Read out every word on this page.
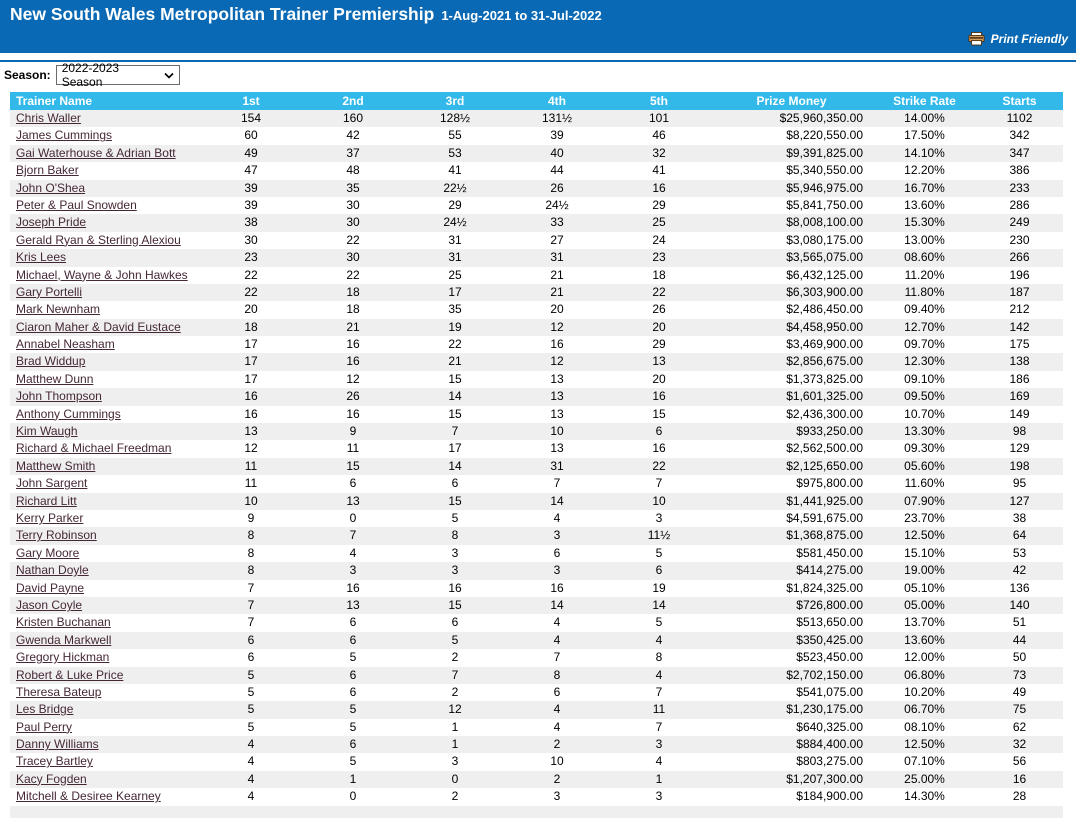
New South Wales Metropolitan Trainer Premiership 1-Aug-2021 to 31-Jul-2022
Print Friendly
Season: 2022-2023 Season
Trainer Name	1st	2nd	3rd	4th	5th	Prize Money	Strike Rate	Starts
Chris Waller	154	160	128½	131½	101	$25,960,350.00	14.00%	1102
James Cummings	60	42	55	39	46	$8,220,550.00	17.50%	342
Gai Waterhouse & Adrian Bott	49	37	53	40	32	$9,391,825.00	14.10%	347
Bjorn Baker	47	48	41	44	41	$5,340,550.00	12.20%	386
John O'Shea	39	35	22½	26	16	$5,946,975.00	16.70%	233
Peter & Paul Snowden	39	30	29	24½	29	$5,841,750.00	13.60%	286
Joseph Pride	38	30	24½	33	25	$8,008,100.00	15.30%	249
Gerald Ryan & Sterling Alexiou	30	22	31	27	24	$3,080,175.00	13.00%	230
Kris Lees	23	30	31	31	23	$3,565,075.00	08.60%	266
Michael, Wayne & John Hawkes	22	22	25	21	18	$6,432,125.00	11.20%	196
Gary Portelli	22	18	17	21	22	$6,303,900.00	11.80%	187
Mark Newnham	20	18	35	20	26	$2,486,450.00	09.40%	212
Ciaron Maher & David Eustace	18	21	19	12	20	$4,458,950.00	12.70%	142
Annabel Neasham	17	16	22	16	29	$3,469,900.00	09.70%	175
Brad Widdup	17	16	21	12	13	$2,856,675.00	12.30%	138
Matthew Dunn	17	12	15	13	20	$1,373,825.00	09.10%	186
John Thompson	16	26	14	13	16	$1,601,325.00	09.50%	169
Anthony Cummings	16	16	15	13	15	$2,436,300.00	10.70%	149
Kim Waugh	13	9	7	10	6	$933,250.00	13.30%	98
Richard & Michael Freedman	12	11	17	13	16	$2,562,500.00	09.30%	129
Matthew Smith	11	15	14	31	22	$2,125,650.00	05.60%	198
John Sargent	11	6	6	7	7	$975,800.00	11.60%	95
Richard Litt	10	13	15	14	10	$1,441,925.00	07.90%	127
Kerry Parker	9	0	5	4	3	$4,591,675.00	23.70%	38
Terry Robinson	8	7	8	3	11½	$1,368,875.00	12.50%	64
Gary Moore	8	4	3	6	5	$581,450.00	15.10%	53
Nathan Doyle	8	3	3	3	6	$414,275.00	19.00%	42
David Payne	7	16	16	16	19	$1,824,325.00	05.10%	136
Jason Coyle	7	13	15	14	14	$726,800.00	05.00%	140
Kristen Buchanan	7	6	6	4	5	$513,650.00	13.70%	51
Gwenda Markwell	6	6	5	4	4	$350,425.00	13.60%	44
Gregory Hickman	6	5	2	7	8	$523,450.00	12.00%	50
Robert & Luke Price	5	6	7	8	4	$2,702,150.00	06.80%	73
Theresa Bateup	5	6	2	6	7	$541,075.00	10.20%	49
Les Bridge	5	5	12	4	11	$1,230,175.00	06.70%	75
Paul Perry	5	5	1	4	7	$640,325.00	08.10%	62
Danny Williams	4	6	1	2	3	$884,400.00	12.50%	32
Tracey Bartley	4	5	3	10	4	$803,275.00	07.10%	56
Kacy Fogden	4	1	0	2	1	$1,207,300.00	25.00%	16
Mitchell & Desiree Kearney	4	0	2	3	3	$184,900.00	14.30%	28
